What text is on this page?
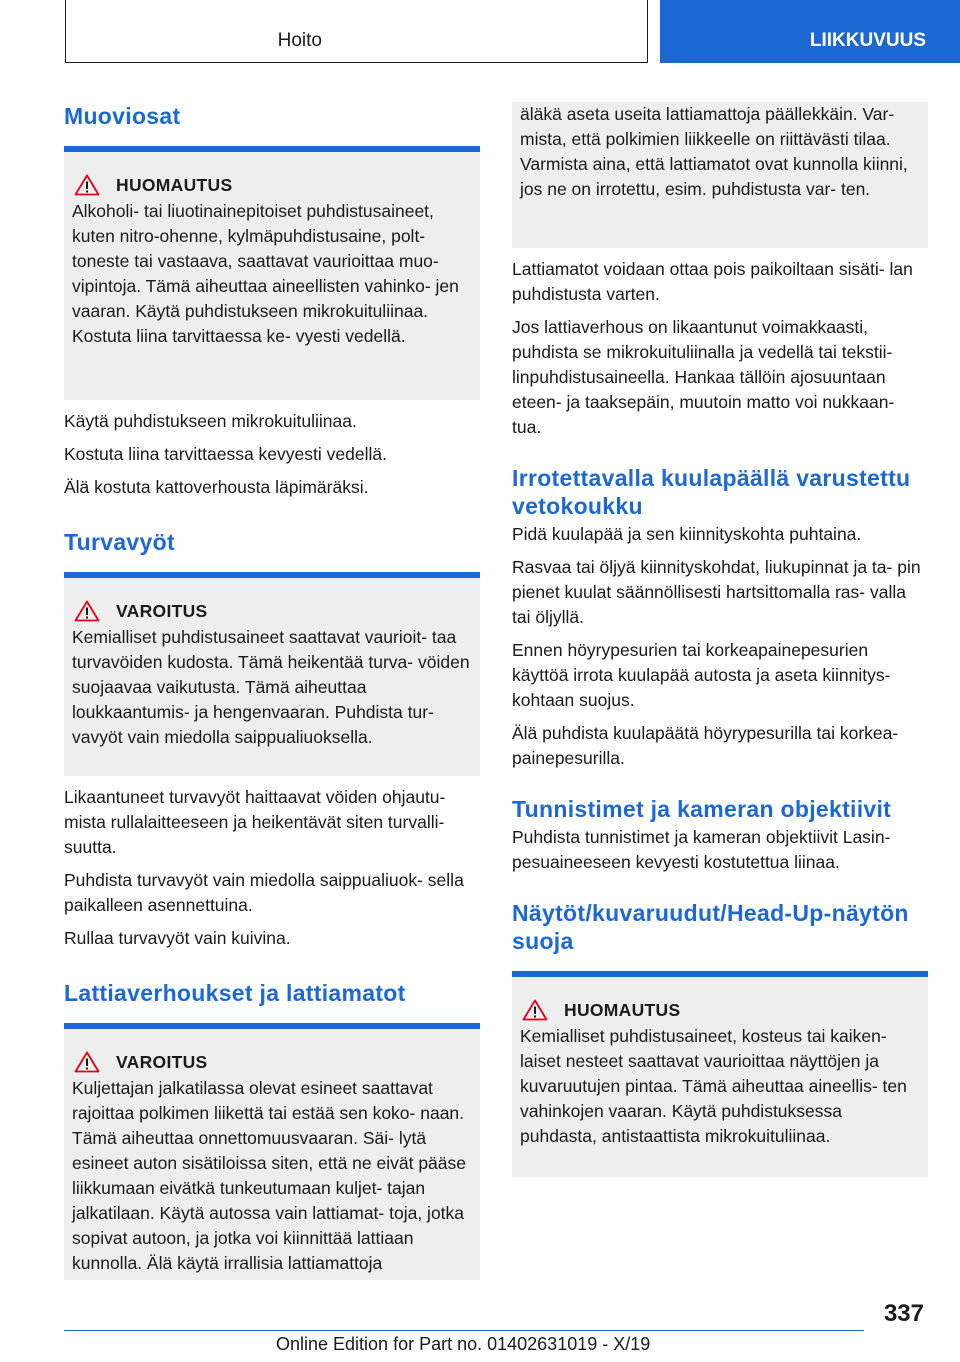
Hoito	LIIKKUVUUS
Muoviosat
HUOMAUTUS

Alkoholi- tai liuotinainepitoiset puhdistusaineet, kuten nitro-ohenne, kylmäpuhdistusaine, polt- toneste tai vastaava, saattavat vaurioittaa muo- vipintoja. Tämä aiheuttaa aineellisten vahinko- jen vaaran. Käytä puhdistukseen mikrokuituliinaa. Kostuta liina tarvittaessa ke- vyesti vedellä.

Käytä puhdistukseen mikrokuituliinaa.

Kostuta liina tarvittaessa kevyesti vedellä.

Älä kostuta kattoverhousta läpimäräksi.

Turvavyöt
VAROITUS

Kemialliset puhdistusaineet saattavat vaurioit- taa turvavöiden kudosta. Tämä heikentää turva- vöiden suojaavaa vaikutusta. Tämä aiheuttaa loukkaantumis- ja hengenvaaran. Puhdista tur- vavyöt vain miedolla saippualiuoksella.

Likaantuneet turvavyöt haittaavat vöiden ohjautu- mista rullalaitteeseen ja heikentävät siten turvalli- suutta.

Puhdista turvavyöt vain miedolla saippualiuok- sella paikalleen asennettuina.

Rullaa turvavyöt vain kuivina.

Lattiaverhoukset ja lattiamatot
VAROITUS

Kuljettajan jalkatilassa olevat esineet saattavat rajoittaa polkimen liikettä tai estää sen koko- naan. Tämä aiheuttaa onnettomuusvaaran. Säi- lytä esineet auton sisätiloissa siten, että ne eivät pääse liikkumaan eivätkä tunkeutumaan kuljet- tajan jalkatilaan. Käytä autossa vain lattiamat- toja, jotka sopivat autoon, ja jotka voi kiinnittää lattiaan kunnolla. Älä käytä irrallisia lattiamattoja

äläkä aseta useita lattiamattoja päällekkäin. Var- mista, että polkimien liikkeelle on riittävästi tilaa. Varmista aina, että lattiamatot ovat kunnolla kiinni, jos ne on irrotettu, esim. puhdistusta var- ten.

Lattiamatot voidaan ottaa pois paikoiltaan sisäti- lan puhdistusta varten.

Jos lattiaverhous on likaantunut voimakkaasti, puhdista se mikrokuituliinalla ja vedellä tai tekstii- linpuhdistusaineella. Hankaa tällöin ajosuuntaan eteen- ja taaksepäin, muutoin matto voi nukkaan- tua.

Irrotettavalla kuulapäällä varustettu vetokoukku

Pidä kuulapää ja sen kiinnityskohta puhtaina.

Rasvaa tai öljyä kiinnityskohdat, liukupinnat ja ta- pin pienet kuulat säännöllisesti hartsittomalla ras- valla tai öljyllä.

Ennen höyrypesurien tai korkeapainepesurien käyttöä irrota kuulapää autosta ja aseta kiinnitys- kohtaan suojus.

Älä puhdista kuulapäätä höyrypesurilla tai korkea- painepesurilla.

Tunnistimet ja kameran objektiivit

Puhdista tunnistimet ja kameran objektiivit Lasin- pesuaineeseen kevyesti kostutettua liinaa.

Näytöt/kuvaruudut/Head-Up-näytön suoja
HUOMAUTUS

Kemialliset puhdistusaineet, kosteus tai kaiken- laiset nesteet saattavat vaurioittaa näyttöjen ja kuvaruutujen pintaa. Tämä aiheuttaa aineellis- ten vahinkojen vaaran. Käytä puhdistuksessa puhdasta, antistaattista mikrokuituliinaa.

337
Online Edition for Part no. 01402631019 - X/19
